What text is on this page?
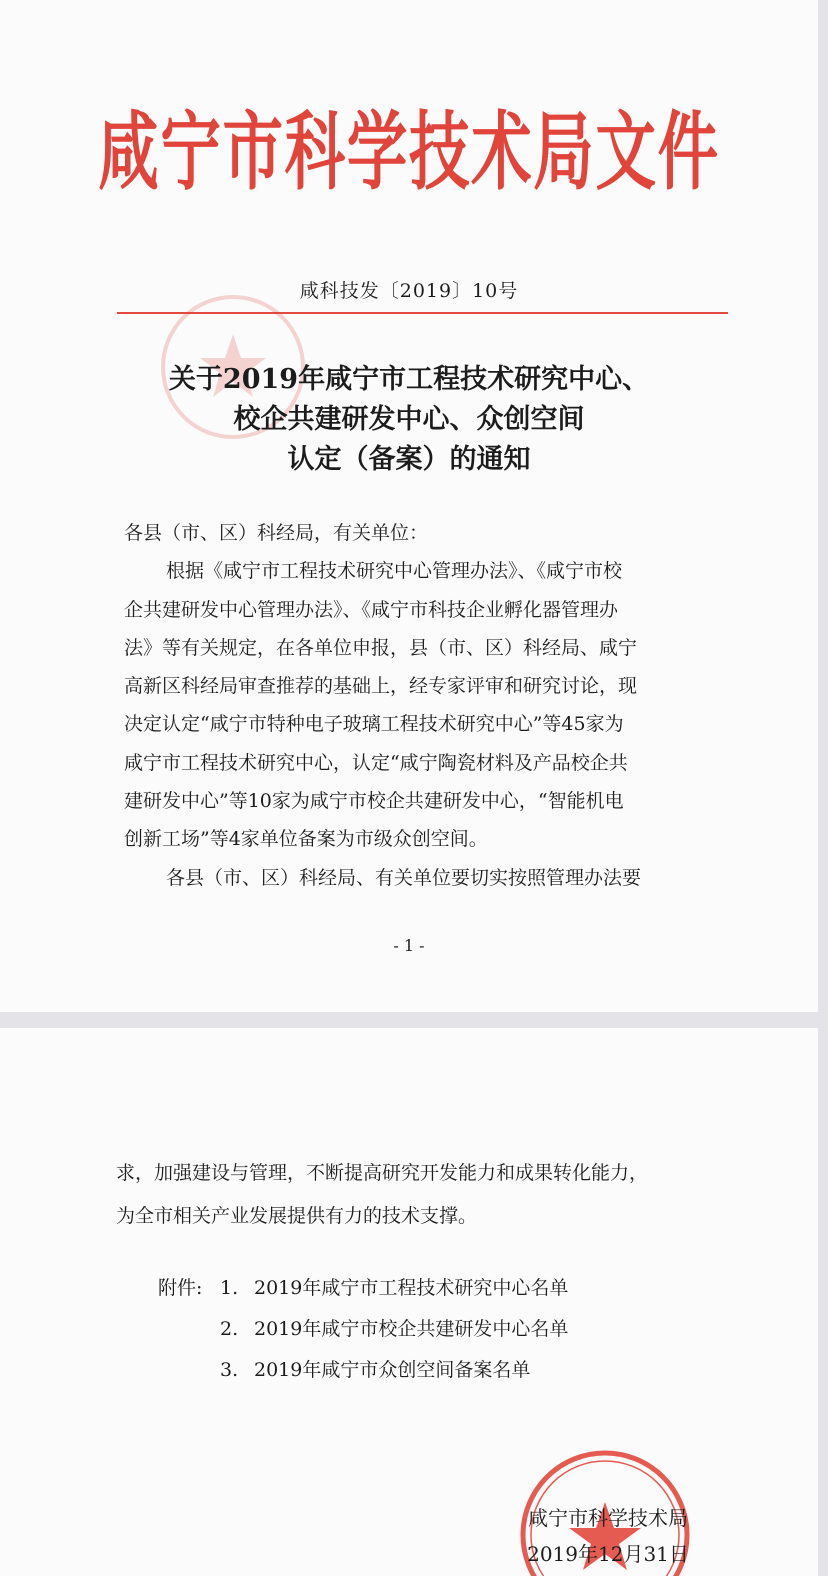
咸宁市科学技术局文件
咸科技发〔2019〕10号
关于2019年咸宁市工程技术研究中心、
校企共建研发中心、众创空间
认定（备案）的通知

各县（市、区）科经局，有关单位：

根据《咸宁市工程技术研究中心管理办法》、《咸宁市校

企共建研发中心管理办法》、《咸宁市科技企业孵化器管理办

法》等有关规定，在各单位申报，县（市、区）科经局、咸宁

高新区科经局审查推荐的基础上，经专家评审和研究讨论，现

决定认定“咸宁市特种电子玻璃工程技术研究中心”等45家为

咸宁市工程技术研究中心，认定“咸宁陶瓷材料及产品校企共

建研发中心”等10家为咸宁市校企共建研发中心，“智能机电

创新工场”等4家单位备案为市级众创空间。

各县（市、区）科经局、有关单位要切实按照管理办法要

- 1 -

求，加强建设与管理，不断提高研究开发能力和成果转化能力，

为全市相关产业发展提供有力的技术支撑。

附件: 1. 2019年咸宁市工程技术研究中心名单
2. 2019年咸宁市校企共建研发中心名单
3. 2019年咸宁市众创空间备案名单
咸宁市科学技术局
2019年12月31日
